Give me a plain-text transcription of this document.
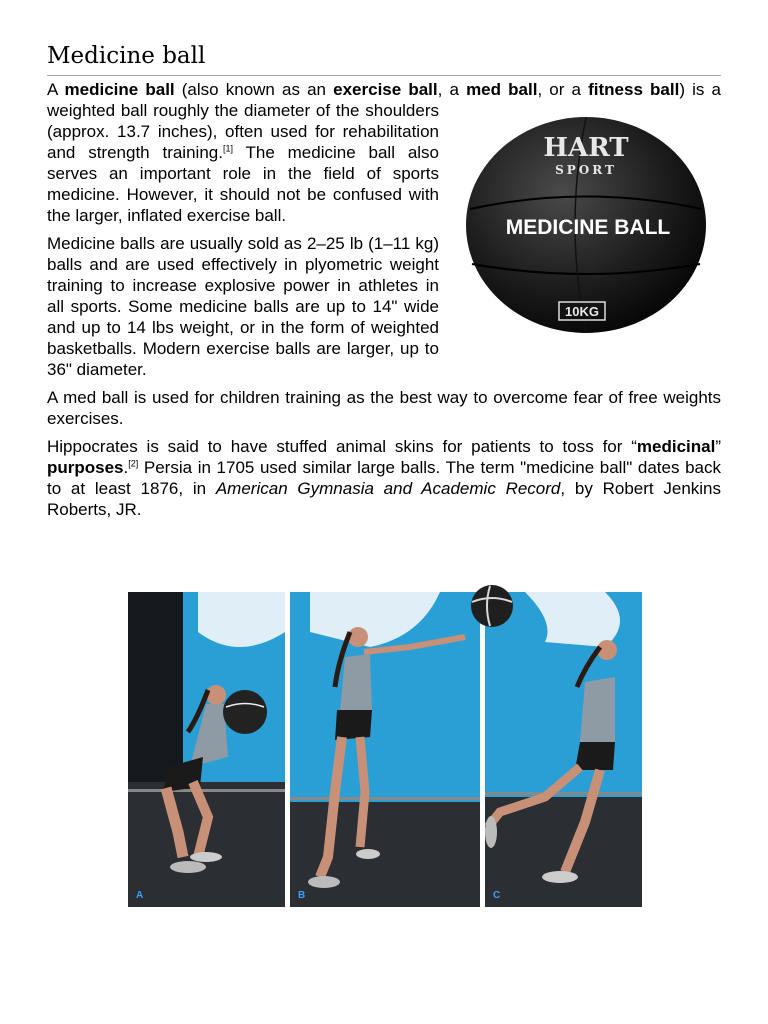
Medicine ball

A medicine ball (also known as an exercise ball, a med ball, or a fitness ball
HART
SPORT
MEDICINE BALL
10KG
) is a weighted ball roughly the diameter of the shoulders (approx. 13.7 inches), often used for rehabilitation and strength training.[1] The medicine ball also serves an important role in the field of sports medicine. However, it should not be confused with the larger, inflated exercise ball.

Medicine balls are usually sold as 2–25 lb (1–11 kg) balls and are used effectively in plyometric weight training to increase explosive power in athletes in all sports. Some medicine balls are up to 14" wide and up to 14 lbs weight, or in the form of weighted basketballs. Modern exercise balls are larger, up to 36" diameter.

A med ball is used for children training as the best way to overcome fear of free weights exercises.

Hippocrates is said to have stuffed animal skins for patients to toss for “medicinal” purposes.[2] Persia in 1705 used similar large balls. The term "medicine ball" dates back to at least 1876, in American Gymnasia and Academic Record, by Robert Jenkins Roberts, JR.

A	B	C
